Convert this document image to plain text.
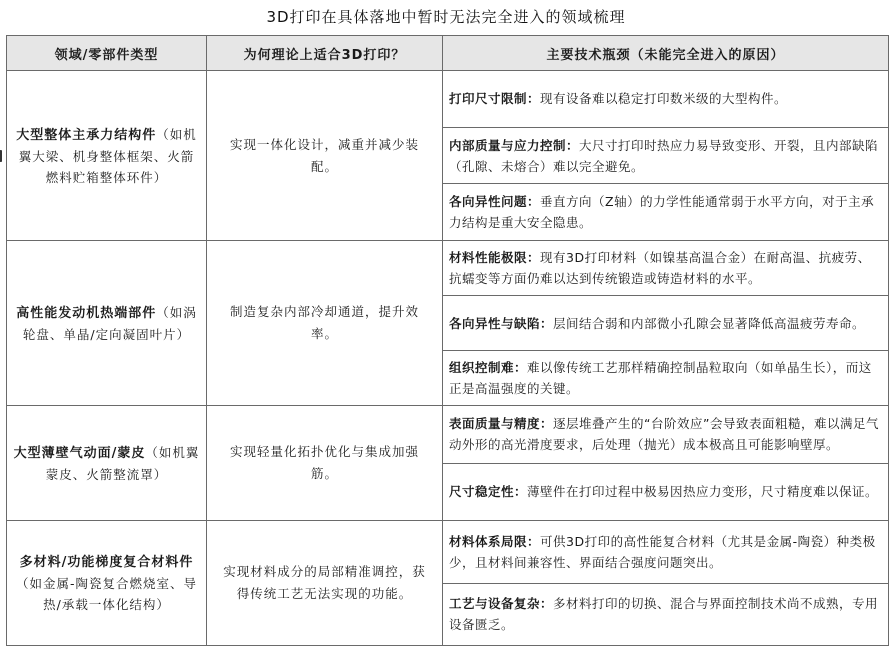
3D打印在具体落地中暂时无法完全进入的领域梳理
领域/零部件类型	为何理论上适合3D打印？	主要技术瓶颈（未能完全进入的原因）
大型整体主承力结构件（如机翼大梁、机身整体框架、火箭燃料贮箱整体环件）	实现一体化设计，减重并减少装配。	打印尺寸限制：现有设备难以稳定打印数米级的大型构件。
内部质量与应力控制：大尺寸打印时热应力易导致变形、开裂，且内部缺陷（孔隙、未熔合）难以完全避免。
各向异性问题：垂直方向（Z轴）的力学性能通常弱于水平方向，对于主承力结构是重大安全隐患。

高性能发动机热端部件（如涡轮盘、单晶/定向凝固叶片）	制造复杂内部冷却通道，提升效率。	材料性能极限：现有3D打印材料（如镍基高温合金）在耐高温、抗疲劳、抗蠕变等方面仍难以达到传统锻造或铸造材料的水平。
各向异性与缺陷：层间结合弱和内部微小孔隙会显著降低高温疲劳寿命。
组织控制难：难以像传统工艺那样精确控制晶粒取向（如单晶生长），而这正是高温强度的关键。

大型薄壁气动面/蒙皮（如机翼蒙皮、火箭整流罩）	实现轻量化拓扑优化与集成加强筋。	表面质量与精度：逐层堆叠产生的“台阶效应”会导致表面粗糙，难以满足气动外形的高光滑度要求，后处理（抛光）成本极高且可能影响壁厚。
尺寸稳定性：薄壁件在打印过程中极易因热应力变形，尺寸精度难以保证。

多材料/功能梯度复合材料件（如金属-陶瓷复合燃烧室、导热/承载一体化结构）	实现材料成分的局部精准调控，获得传统工艺无法实现的功能。	材料体系局限：可供3D打印的高性能复合材料（尤其是金属-陶瓷）种类极少，且材料间兼容性、界面结合强度问题突出。
工艺与设备复杂：多材料打印的切换、混合与界面控制技术尚不成熟，专用设备匮乏。
